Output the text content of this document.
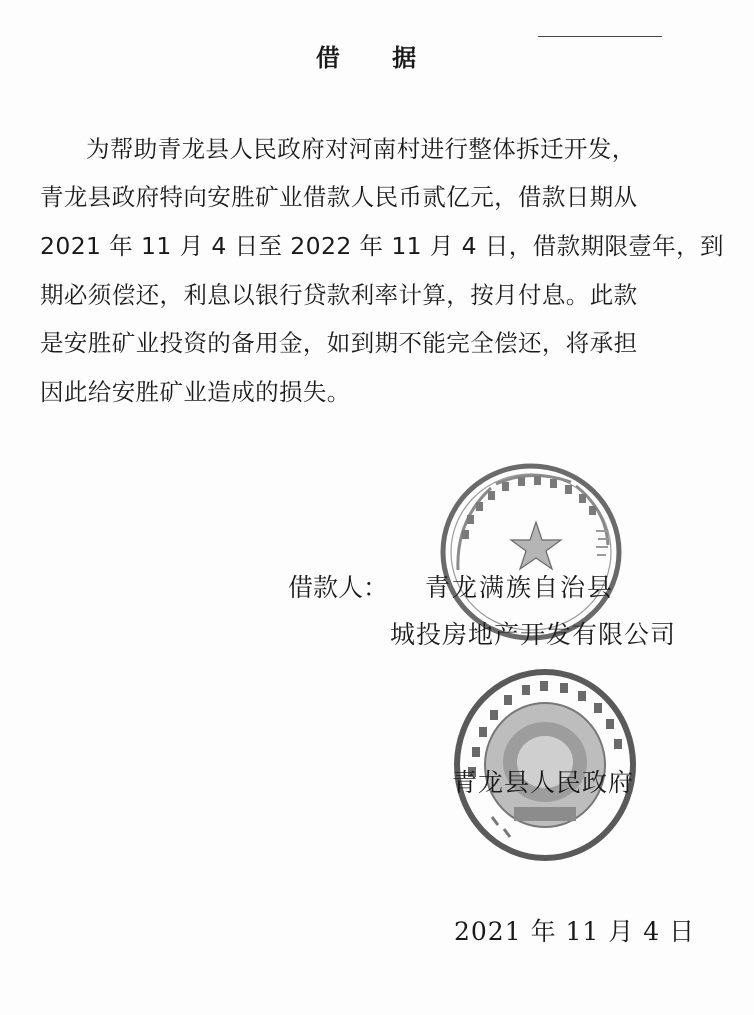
借 据
为帮助青龙县人民政府对河南村进行整体拆迁开发，
青龙县政府特向安胜矿业借款人民币贰亿元，借款日期从
2021 年 11 月 4 日至 2022 年 11 月 4 日，借款期限壹年，到
期必须偿还，利息以银行贷款利率计算，按月付息。此款
是安胜矿业投资的备用金，如到期不能完全偿还，将承担
因此给安胜矿业造成的损失。
借款人： 青龙满族自治县
城投房地产开发有限公司
青龙县人民政府
2021 年 11 月 4 日
